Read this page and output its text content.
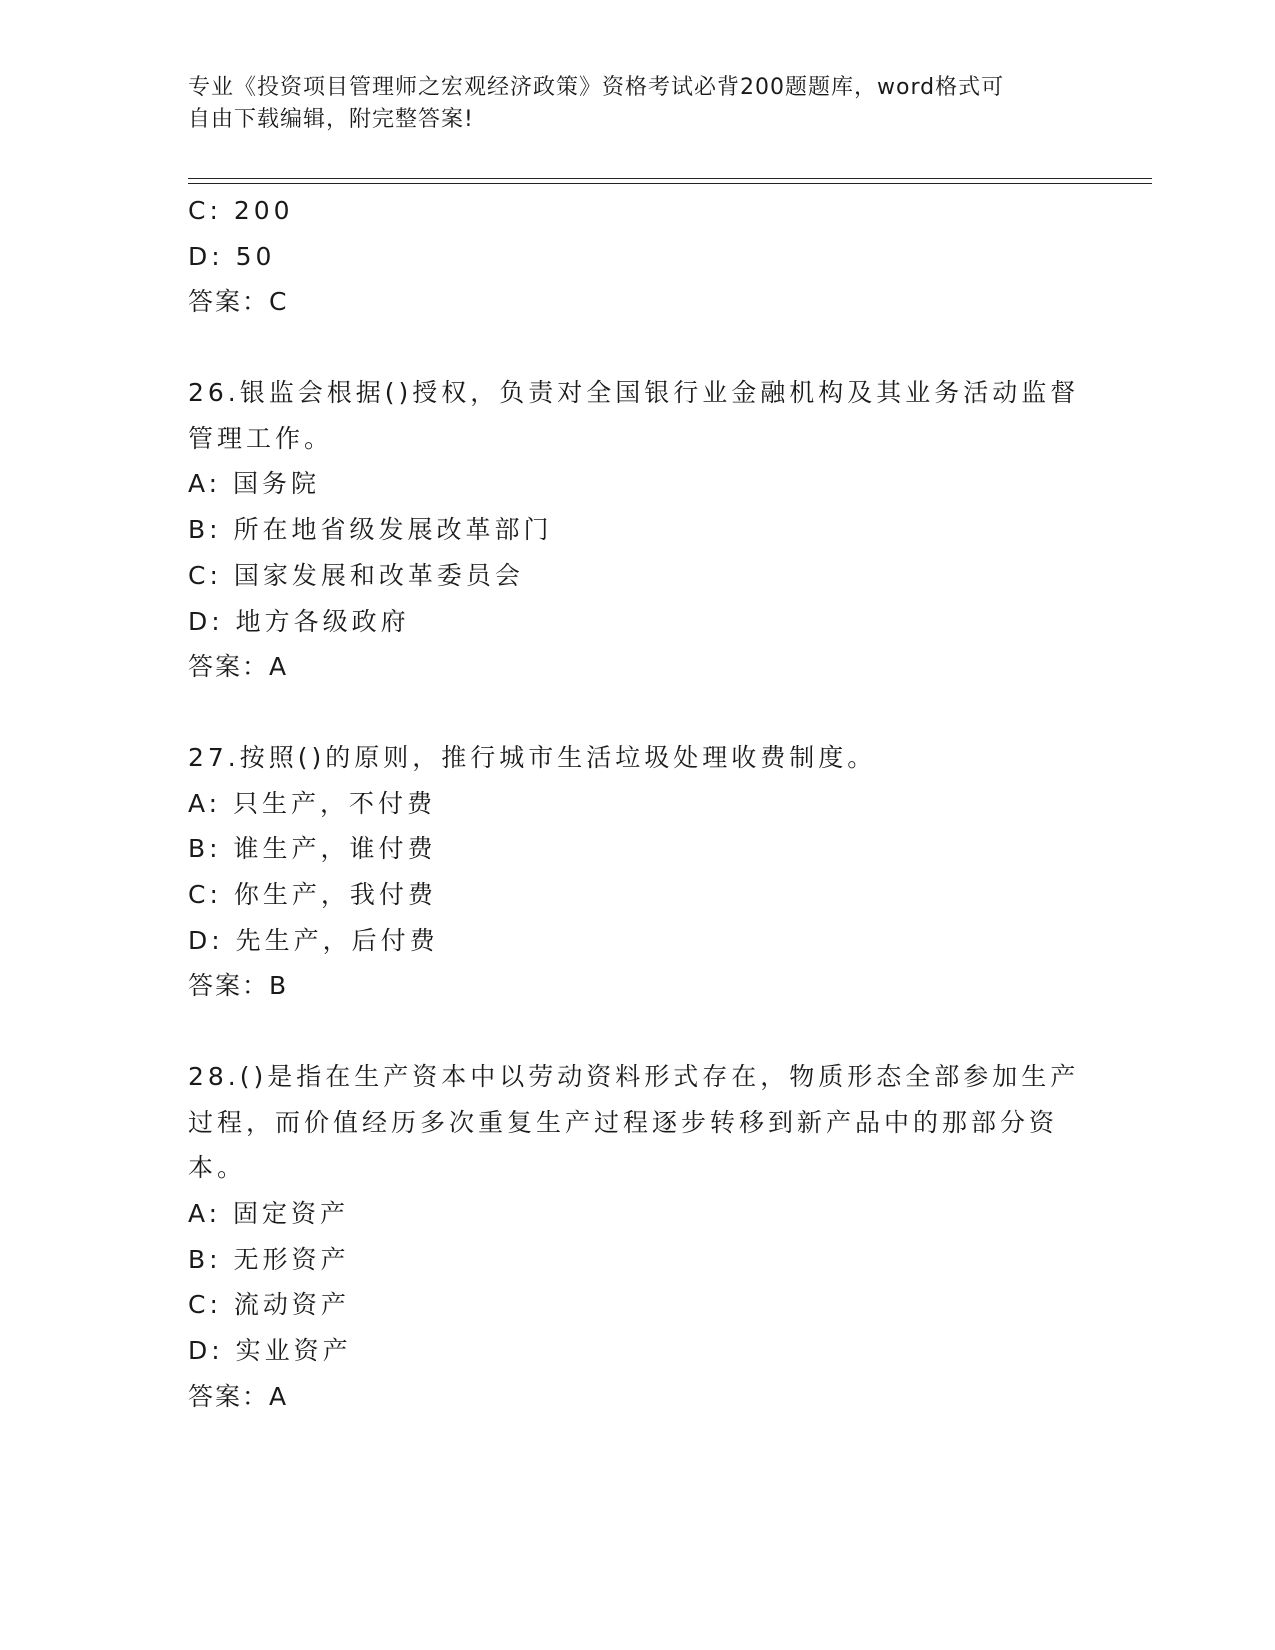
专业《投资项目管理师之宏观经济政策》资格考试必背200题题库，word格式可
自由下载编辑，附完整答案!
C: 200
D: 50
答案：C
26.银监会根据()授权，负责对全国银行业金融机构及其业务活动监督
管理工作。
A: 国务院
B: 所在地省级发展改革部门
C: 国家发展和改革委员会
D: 地方各级政府
答案：A
27.按照()的原则，推行城市生活垃圾处理收费制度。
A: 只生产，不付费
B: 谁生产，谁付费
C: 你生产，我付费
D: 先生产，后付费
答案：B
28.()是指在生产资本中以劳动资料形式存在，物质形态全部参加生产
过程，而价值经历多次重复生产过程逐步转移到新产品中的那部分资
本。
A: 固定资产
B: 无形资产
C: 流动资产
D: 实业资产
答案：A
